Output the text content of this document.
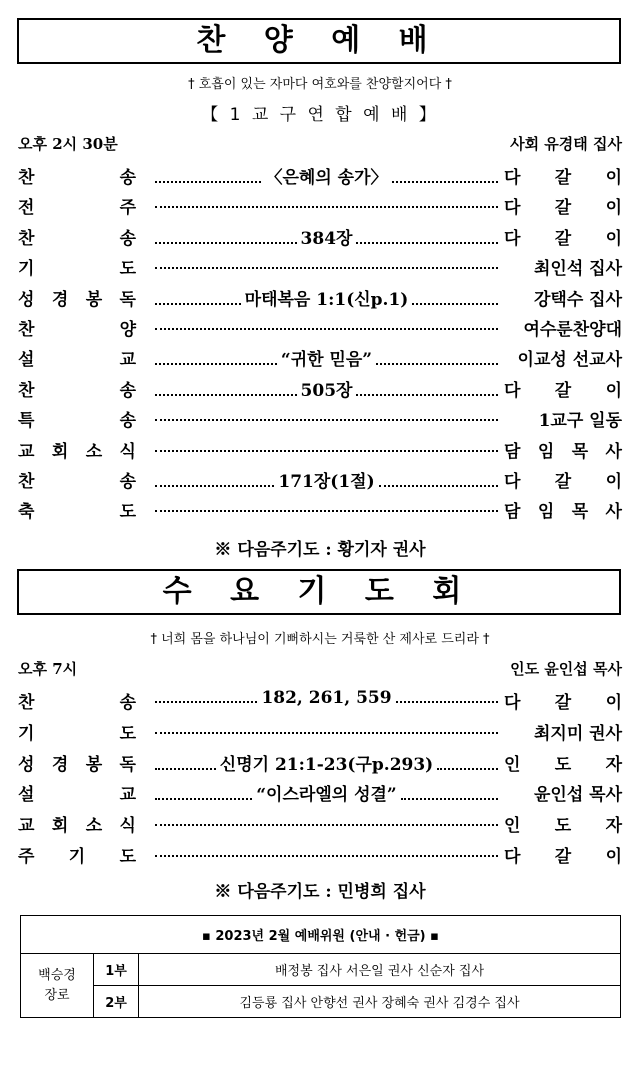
찬 양 예 배
† 호흡이 있는 자마다 여호와를 찬양할지어다 †
【 1 교 구 연 합 예 배 】
오후 2시 30분	사회 유경태 집사
찬	송	〈은혜의 송가〉	다 갈 이
전	주	다 갈 이
찬	송	384장	다 갈 이
기	도	최인석 집사
성 경 봉 독	마태복음 1:1(신p.1)	강택수 집사
찬	양	여수룬찬양대
설	교	“귀한 믿음”	이교성 선교사
찬	송	505장	다 갈 이
특	송	1교구 일동
교 회 소 식	담 임 목 사
찬	송	171장(1절)	다 갈 이
축	도	담 임 목 사
※ 다음주기도 : 황기자 권사
수 요 기 도 회
† 너희 몸을 하나님이 기뻐하시는 거룩한 산 제사로 드리라 †
오후 7시	인도 윤인섭 목사
찬	송	182, 261, 559	다 갈 이
기	도	최지미 권사
성 경 봉 독	신명기 21:1-23(구p.293)	인 도 자
설	교	“이스라엘의 성결”	윤인섭 목사
교 회 소 식	인 도 자
주 기 도	다 갈 이
※ 다음주기도 : 민병희 집사
▪ 2023년 2월 예배위원 (안내 · 헌금) ▪		
백승경
장로	1부	배정봉 집사 서은일 권사 신순자 집사
	2부	김등룡 집사 안향선 권사 장혜숙 권사 김경수 집사
